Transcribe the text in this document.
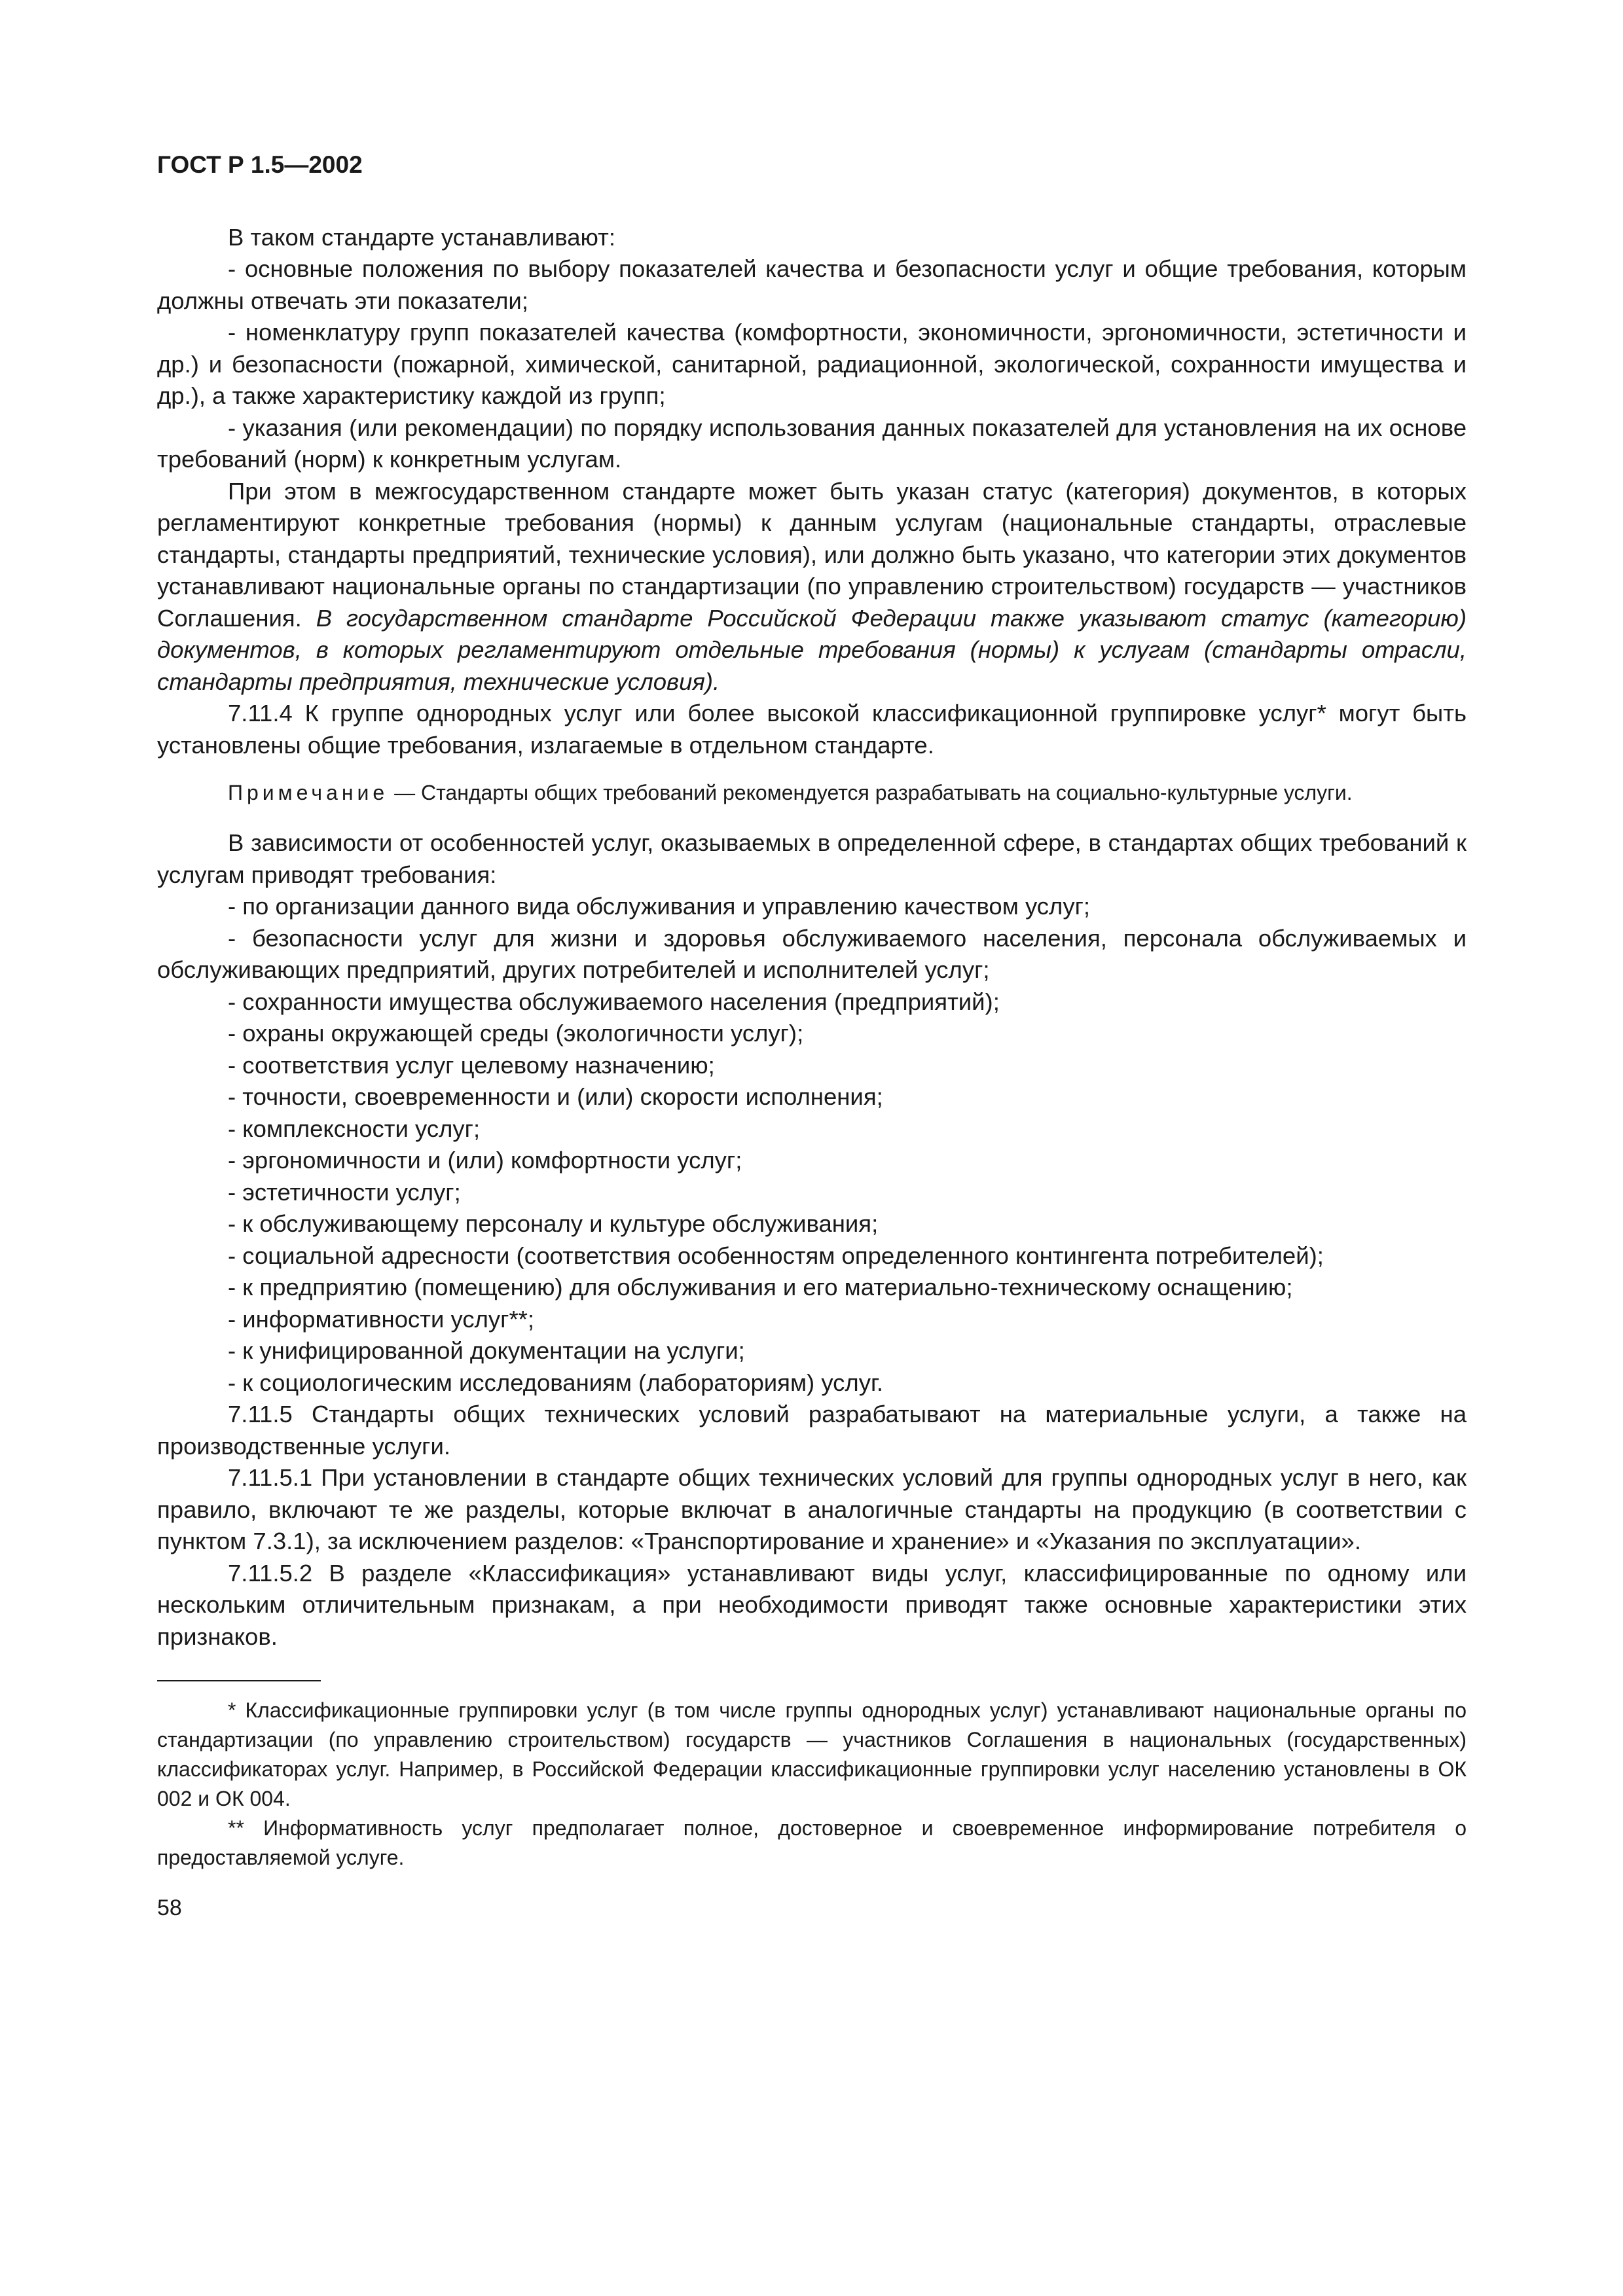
ГОСТ Р 1.5—2002

В таком стандарте устанавливают:

- основные положения по выбору показателей качества и безопасности услуг и общие требования, которым должны отвечать эти показатели;

- номенклатуру групп показателей качества (комфортности, экономичности, эргономичности, эстетичности и др.) и безопасности (пожарной, химической, санитарной, радиационной, экологической, сохранности имущества и др.), а также характеристику каждой из групп;

- указания (или рекомендации) по порядку использования данных показателей для установления на их основе требований (норм) к конкретным услугам.

При этом в межгосударственном стандарте может быть указан статус (категория) документов, в которых регламентируют конкретные требования (нормы) к данным услугам (национальные стандарты, отраслевые стандарты, стандарты предприятий, технические условия), или должно быть указано, что категории этих документов устанавливают национальные органы по стандартизации (по управлению строительством) государств — участников Соглашения. В государственном стандарте Российской Федерации также указывают статус (категорию) документов, в которых регламентируют отдельные требования (нормы) к услугам (стандарты отрасли, стандарты предприятия, технические условия).

7.11.4 К группе однородных услуг или более высокой классификационной группировке услуг* могут быть установлены общие требования, излагаемые в отдельном стандарте.

Примечание — Стандарты общих требований рекомендуется разрабатывать на социально-культурные услуги.

В зависимости от особенностей услуг, оказываемых в определенной сфере, в стандартах общих требований к услугам приводят требования:

- по организации данного вида обслуживания и управлению качеством услуг;

- безопасности услуг для жизни и здоровья обслуживаемого населения, персонала обслуживаемых и обслуживающих предприятий, других потребителей и исполнителей услуг;

- сохранности имущества обслуживаемого населения (предприятий);

- охраны окружающей среды (экологичности услуг);

- соответствия услуг целевому назначению;

- точности, своевременности и (или) скорости исполнения;

- комплексности услуг;

- эргономичности и (или) комфортности услуг;

- эстетичности услуг;

- к обслуживающему персоналу и культуре обслуживания;

- социальной адресности (соответствия особенностям определенного контингента потребителей);

- к предприятию (помещению) для обслуживания и его материально-техническому оснащению;

- информативности услуг**;

- к унифицированной документации на услуги;

- к социологическим исследованиям (лабораториям) услуг.

7.11.5 Стандарты общих технических условий разрабатывают на материальные услуги, а также на производственные услуги.

7.11.5.1 При установлении в стандарте общих технических условий для группы однородных услуг в него, как правило, включают те же разделы, которые включат в аналогичные стандарты на продукцию (в соответствии с пунктом 7.3.1), за исключением разделов: «Транспортирование и хранение» и «Указания по эксплуатации».

7.11.5.2 В разделе «Классификация» устанавливают виды услуг, классифицированные по одному или нескольким отличительным признакам, а при необходимости приводят также основные характеристики этих признаков.

* Классификационные группировки услуг (в том числе группы однородных услуг) устанавливают национальные органы по стандартизации (по управлению строительством) государств — участников Соглашения в национальных (государственных) классификаторах услуг. Например, в Российской Федерации классификационные группировки услуг населению установлены в ОК 002 и ОК 004.

** Информативность услуг предполагает полное, достоверное и своевременное информирование потребителя о предоставляемой услуге.

58
